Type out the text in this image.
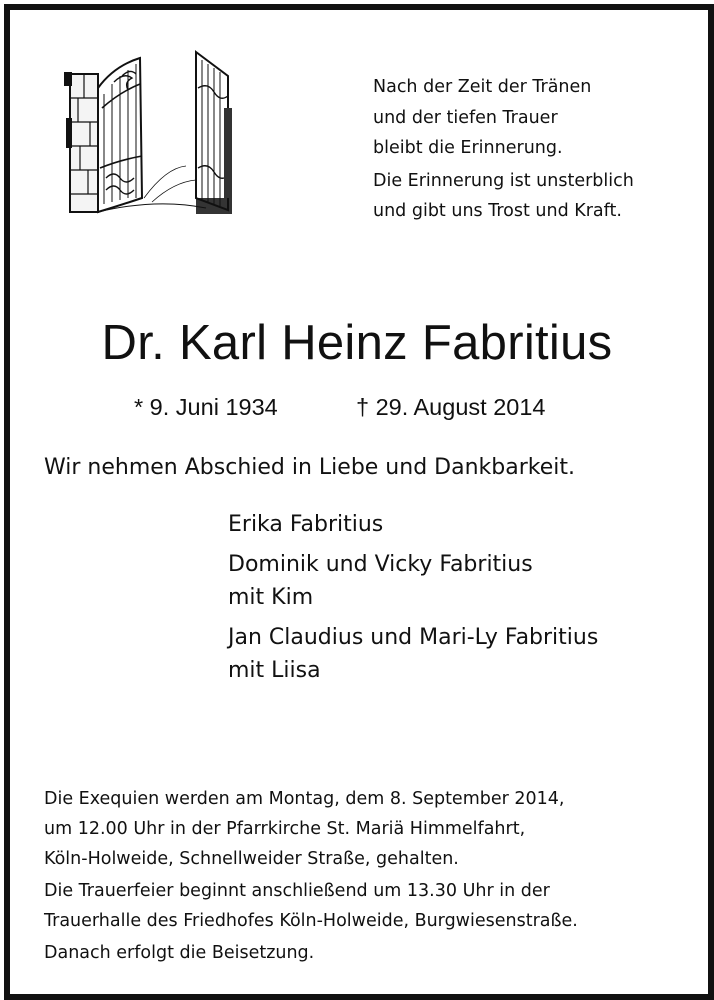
Nach der Zeit der Tränen
und der tiefen Trauer
bleibt die Erinnerung.
Die Erinnerung ist unsterblich
und gibt uns Trost und Kraft.
Dr. Karl Heinz Fabritius
* 9. Juni 1934	† 29. August 2014
Wir nehmen Abschied in Liebe und Dankbarkeit.
Erika Fabritius
Dominik und Vicky Fabritius
mit Kim
Jan Claudius und Mari-Ly Fabritius
mit Liisa
Die Exequien werden am Montag, dem 8. September 2014,
um 12.00 Uhr in der Pfarrkirche St. Mariä Himmelfahrt,
Köln-Holweide, Schnellweider Straße, gehalten.
Die Trauerfeier beginnt anschließend um 13.30 Uhr in der
Trauerhalle des Friedhofes Köln-Holweide, Burgwiesenstraße.
Danach erfolgt die Beisetzung.
